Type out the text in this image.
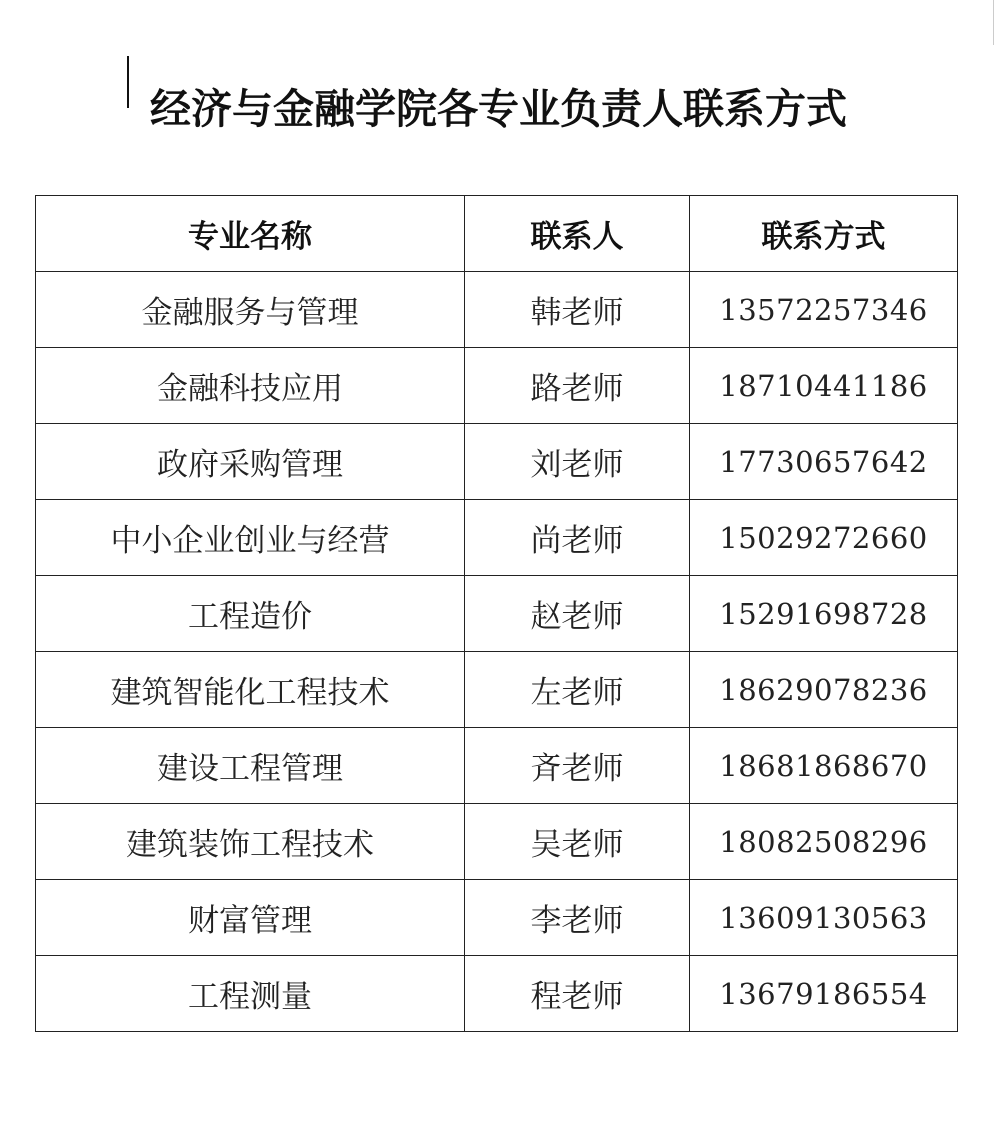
经济与金融学院各专业负责人联系方式
专业名称	联系人	联系方式
金融服务与管理	韩老师	13572257346
金融科技应用	路老师	18710441186
政府采购管理	刘老师	17730657642
中小企业创业与经营	尚老师	15029272660
工程造价	赵老师	15291698728
建筑智能化工程技术	左老师	18629078236
建设工程管理	斉老师	18681868670
建筑装饰工程技术	吴老师	18082508296
财富管理	李老师	13609130563
工程测量	程老师	13679186554
